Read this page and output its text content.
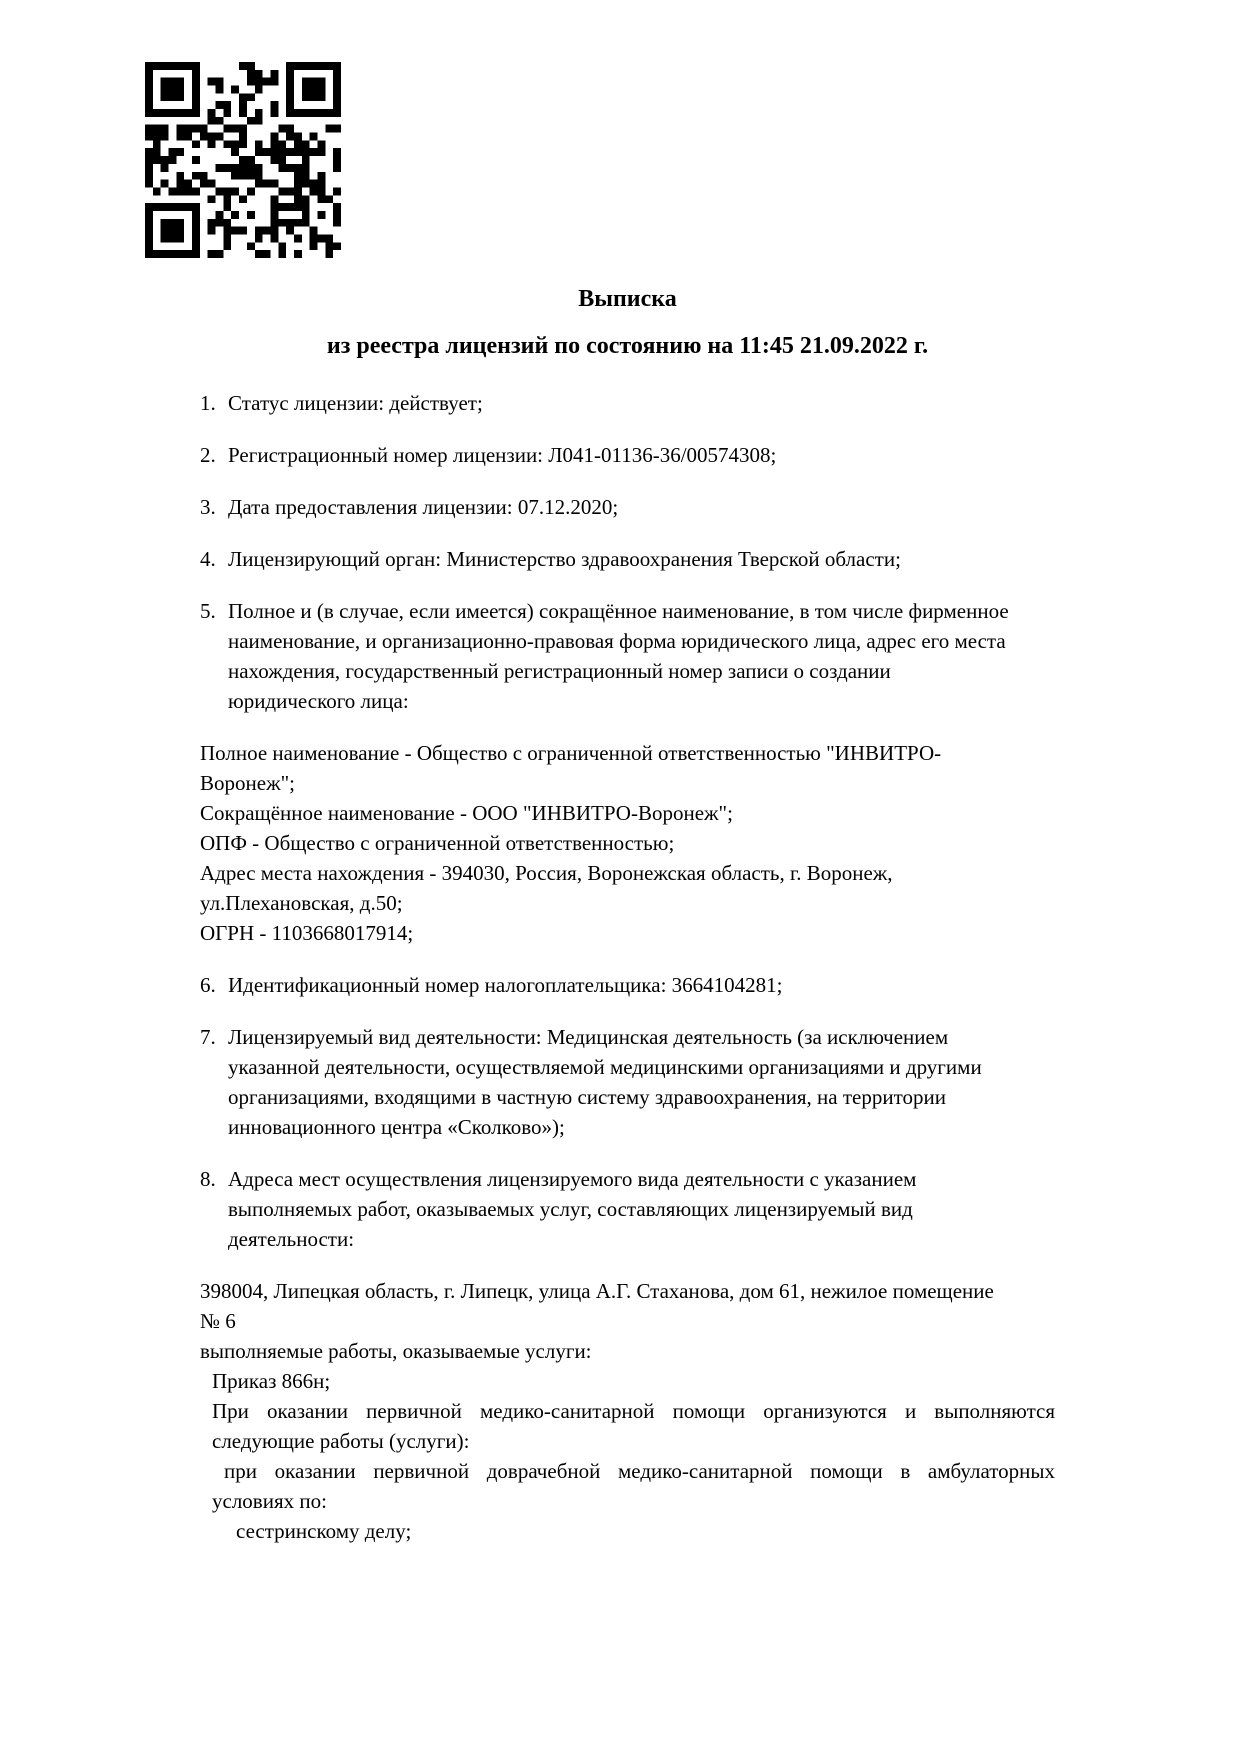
Выписка
из реестра лицензий по состоянию на 11:45 21.09.2022 г.
1. Статус лицензии: действует;
2. Регистрационный номер лицензии: Л041-01136-36/00574308;
3. Дата предоставления лицензии: 07.12.2020;
4. Лицензирующий орган: Министерство здравоохранения Тверской области;
5. Полное и (в случае, если имеется) сокращённое наименование, в том числе фирменное
наименование, и организационно-правовая форма юридического лица, адрес его места
нахождения, государственный регистрационный номер записи о создании
юридического лица:
Полное наименование - Общество с ограниченной ответственностью "ИНВИТРО-
Воронеж";
Сокращённое наименование - ООО "ИНВИТРО-Воронеж";
ОПФ - Общество с ограниченной ответственностью;
Адрес места нахождения - 394030, Россия, Воронежская область, г. Воронеж,
ул.Плехановская, д.50;
ОГРН - 1103668017914;
6. Идентификационный номер налогоплательщика: 3664104281;
7. Лицензируемый вид деятельности: Медицинская деятельность (за исключением
указанной деятельности, осуществляемой медицинскими организациями и другими
организациями, входящими в частную систему здравоохранения, на территории
инновационного центра «Сколково»);
8. Адреса мест осуществления лицензируемого вида деятельности с указанием
выполняемых работ, оказываемых услуг, составляющих лицензируемый вид
деятельности:
398004, Липецкая область, г. Липецк, улица А.Г. Стаханова, дом 61, нежилое помещение
№ 6
выполняемые работы, оказываемые услуги:
Приказ 866н;
При оказании первичной медико-санитарной помощи организуются и выполняются
следующие работы (услуги):
при оказании первичной доврачебной медико-санитарной помощи в амбулаторных
условиях по:
сестринскому делу;
